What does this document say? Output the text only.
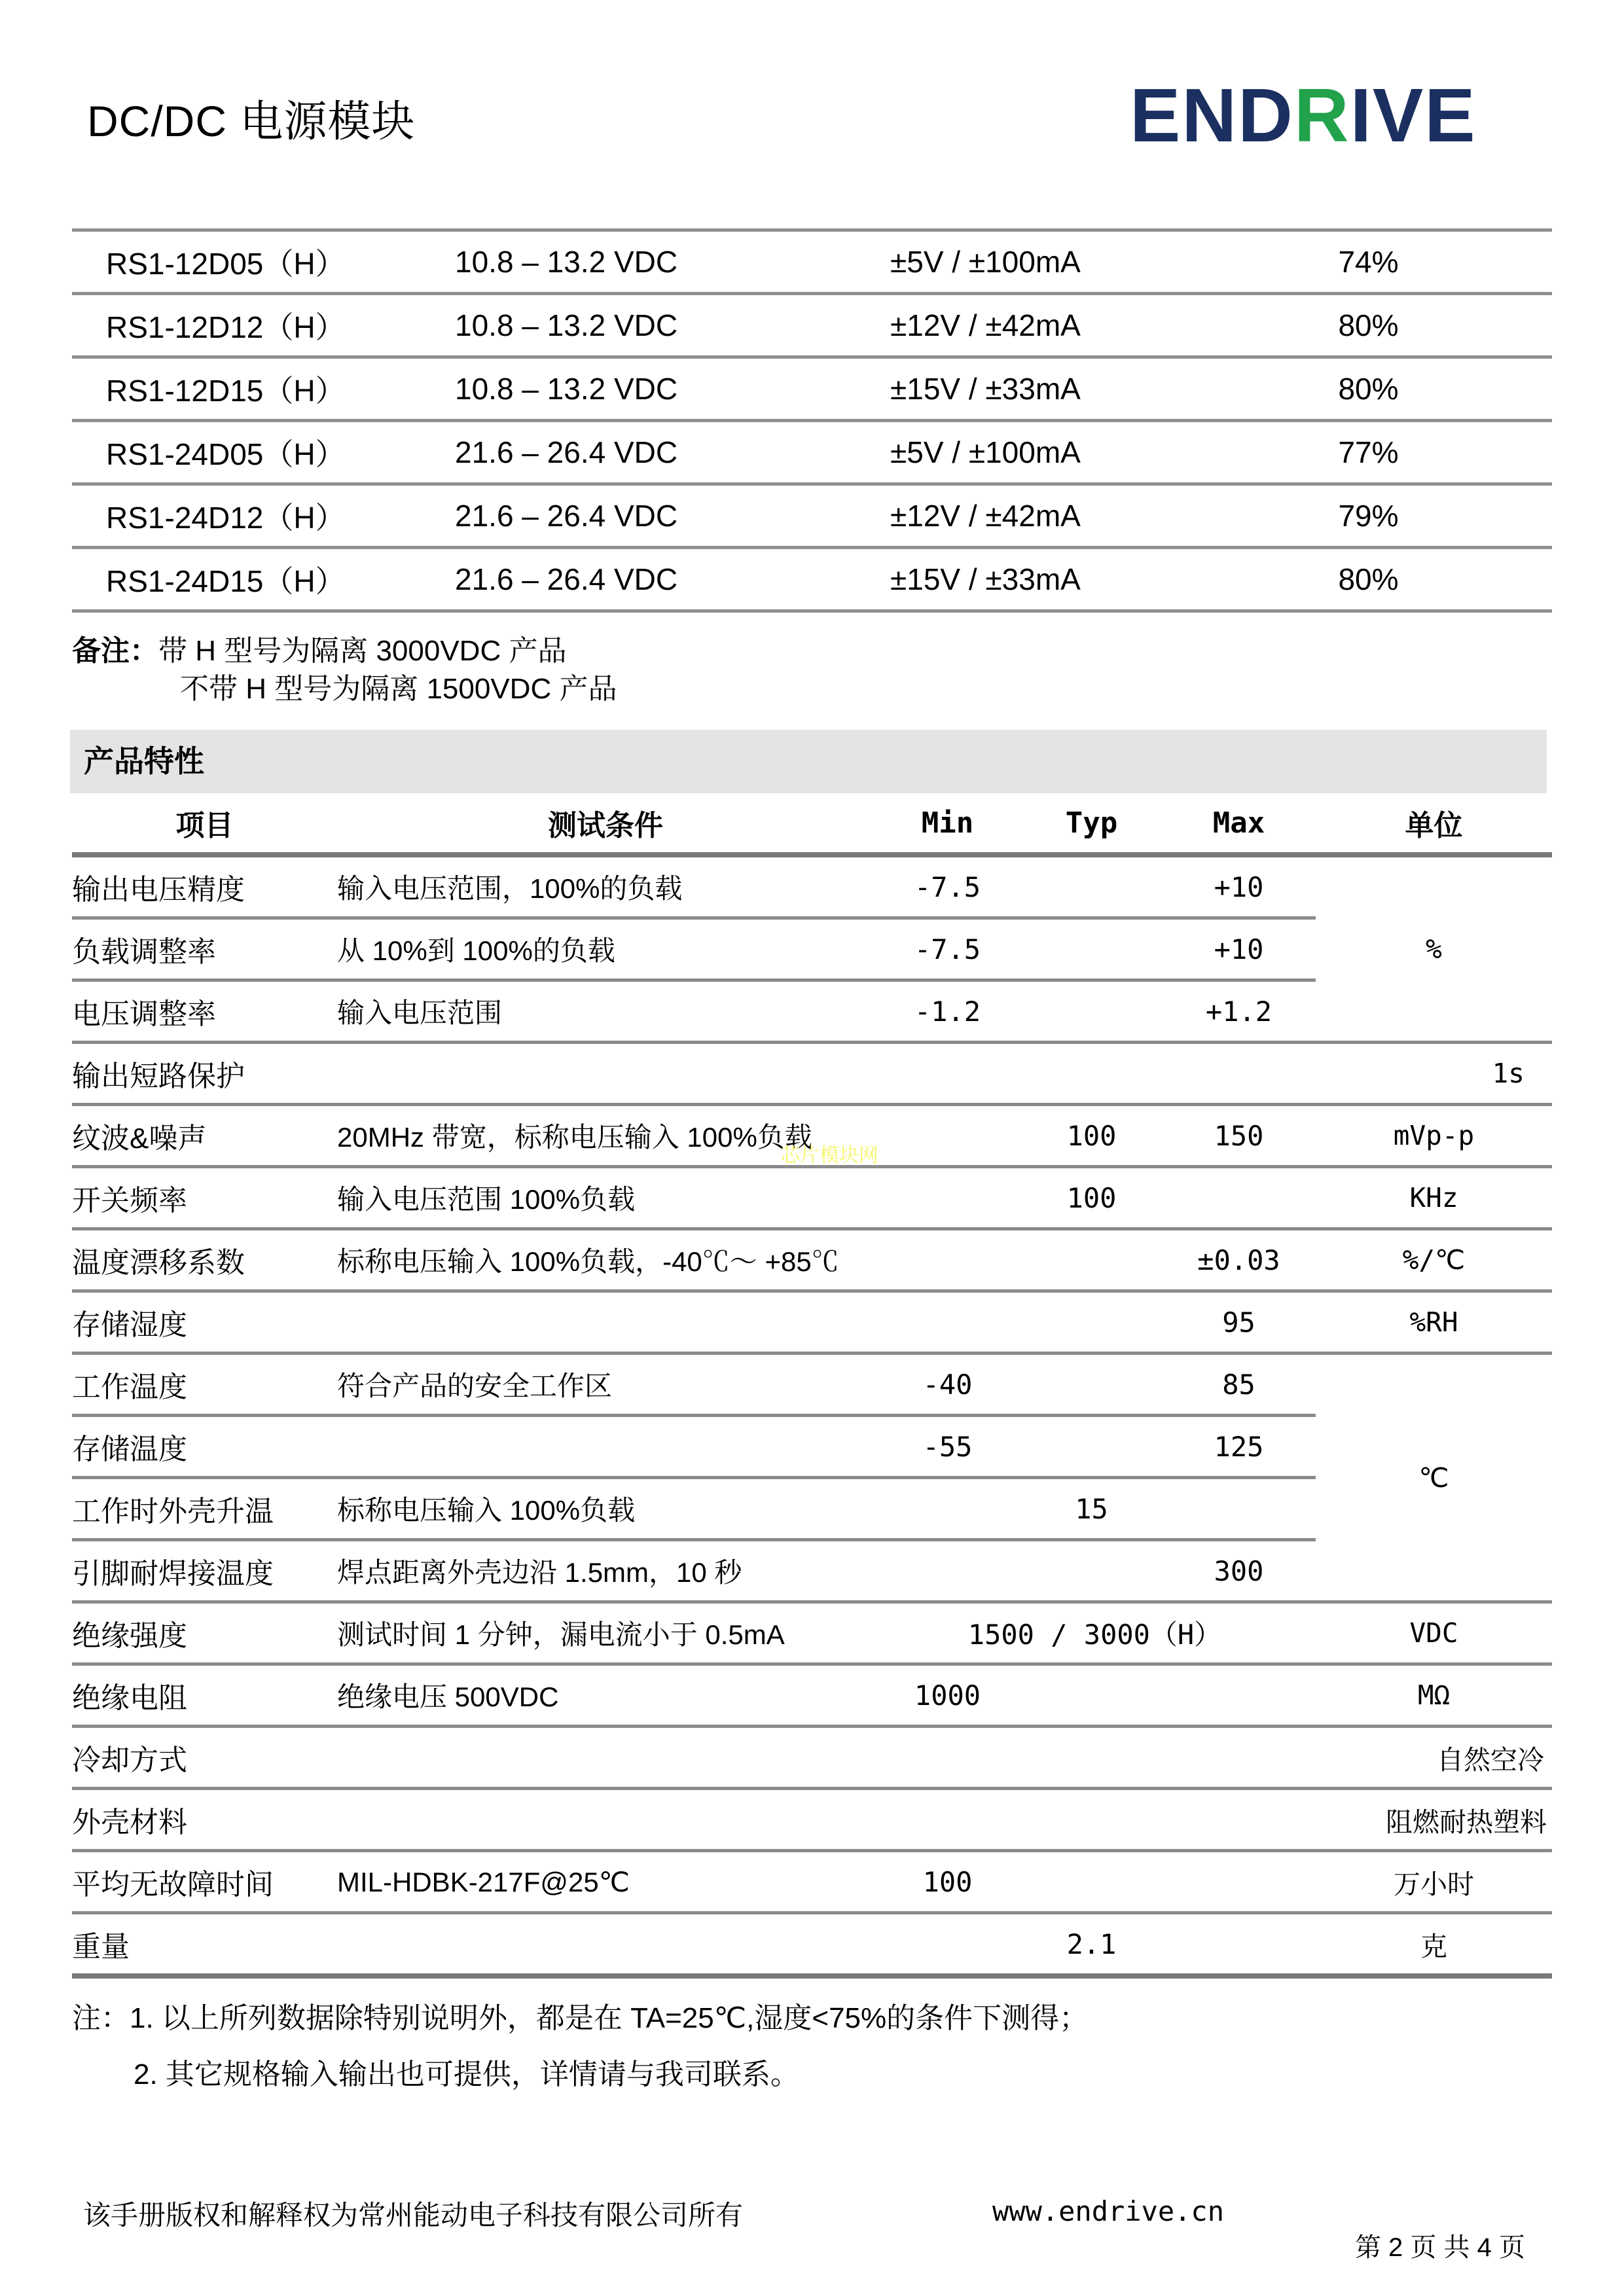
DC/DC 电源模块	ENDRIVE
RS1-12D05（H）	10.8 – 13.2 VDC	±5V / ±100mA	74%
RS1-12D12（H）	10.8 – 13.2 VDC	±12V / ±42mA	80%
RS1-12D15（H）	10.8 – 13.2 VDC	±15V / ±33mA	80%
RS1-24D05（H）	21.6 – 26.4 VDC	±5V / ±100mA	77%
RS1-24D12（H）	21.6 – 26.4 VDC	±12V / ±42mA	79%
RS1-24D15（H）	21.6 – 26.4 VDC	±15V / ±33mA	80%
备注：带 H 型号为隔离 3000VDC 产品
不带 H 型号为隔离 1500VDC 产品
产品特性
项目	测试条件	Min	Typ	Max	单位
输出电压精度	输入电压范围，100%的负载	-7.5		+10	%
负载调整率	从 10%到 100%的负载	-7.5		+10	
电压调整率	输入电压范围	-1.2		+1.2	
输出短路保护					1s
纹波&噪声	20MHz 带宽，标称电压输入 100%负载		100	150	mVp-p
开关频率	输入电压范围 100%负载		100		KHz
温度漂移系数	标称电压输入 100%负载，-40℃～ +85℃			±0.03	%/℃
存储湿度				95	%RH
工作温度	符合产品的安全工作区	-40		85	℃
存储温度		-55		125	
工作时外壳升温	标称电压输入 100%负载		15		
引脚耐焊接温度	焊点距离外壳边沿 1.5mm，10 秒			300	
绝缘强度	测试时间 1 分钟，漏电流小于 0.5mA	1500 / 3000（H）			VDC
绝缘电阻	绝缘电压 500VDC	1000			MΩ
冷却方式					自然空冷
外壳材料					阻燃耐热塑料
平均无故障时间	MIL-HDBK-217F@25℃	100			万小时
重量			2.1		克
芯片模块网
注：1. 以上所列数据除特别说明外，都是在 TA=25℃,湿度<75%的条件下测得；
2. 其它规格输入输出也可提供，详情请与我司联系。
该手册版权和解释权为常州能动电子科技有限公司所有	www.endrive.cn
第 2 页 共 4 页
